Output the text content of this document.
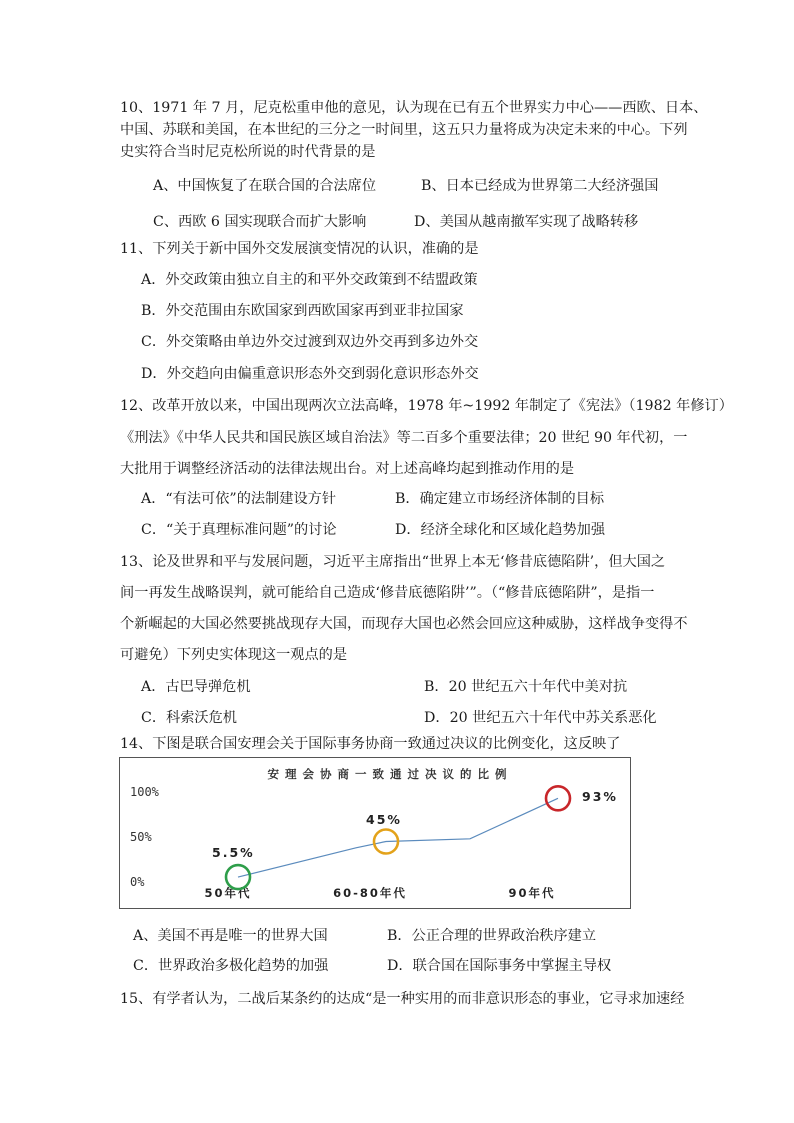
10、1971 年 7 月，尼克松重申他的意见，认为现在已有五个世界实力中心——西欧、日本、
中国、苏联和美国，在本世纪的三分之一时间里，这五只力量将成为决定未来的中心。下列
史实符合当时尼克松所说的时代背景的是
A、中国恢复了在联合国的合法席位	B、日本已经成为世界第二大经济强国
C、西欧 6 国实现联合而扩大影响	D、美国从越南撤军实现了战略转移
11、下列关于新中国外交发展演变情况的认识，准确的是
A．外交政策由独立自主的和平外交政策到不结盟政策
B．外交范围由东欧国家到西欧国家再到亚非拉国家
C．外交策略由单边外交过渡到双边外交再到多边外交
D．外交趋向由偏重意识形态外交到弱化意识形态外交
12、改革开放以来，中国出现两次立法高峰，1978 年~1992 年制定了《宪法》（1982 年修订）
《刑法》《中华人民共和国民族区域自治法》等二百多个重要法律；20 世纪 90 年代初，一
大批用于调整经济活动的法律法规出台。对上述高峰均起到推动作用的是
A．“有法可依”的法制建设方针	B．确定建立市场经济体制的目标
C．“关于真理标准问题”的讨论	D．经济全球化和区域化趋势加强
13、论及世界和平与发展问题，习近平主席指出“世界上本无‘修昔底德陷阱’，但大国之
间一再发生战略误判，就可能给自己造成‘修昔底德陷阱’”。（“修昔底德陷阱”，是指一
个新崛起的大国必然要挑战现存大国，而现存大国也必然会回应这种威胁，这样战争变得不
可避免）下列史实体现这一观点的是
A．古巴导弹危机	B．20 世纪五六十年代中美对抗
C．科索沃危机	D．20 世纪五六十年代中苏关系恶化
14、下图是联合国安理会关于国际事务协商一致通过决议的比例变化，这反映了
安理会协商一致通过决议的比例
100%
50%
0%
50年代	60-80年代	90年代
5.5%
45%
93%
A、美国不再是唯一的世界大国	B．公正合理的世界政治秩序建立
C．世界政治多极化趋势的加强	D．联合国在国际事务中掌握主导权
15、有学者认为，二战后某条约的达成“是一种实用的而非意识形态的事业，它寻求加速经
